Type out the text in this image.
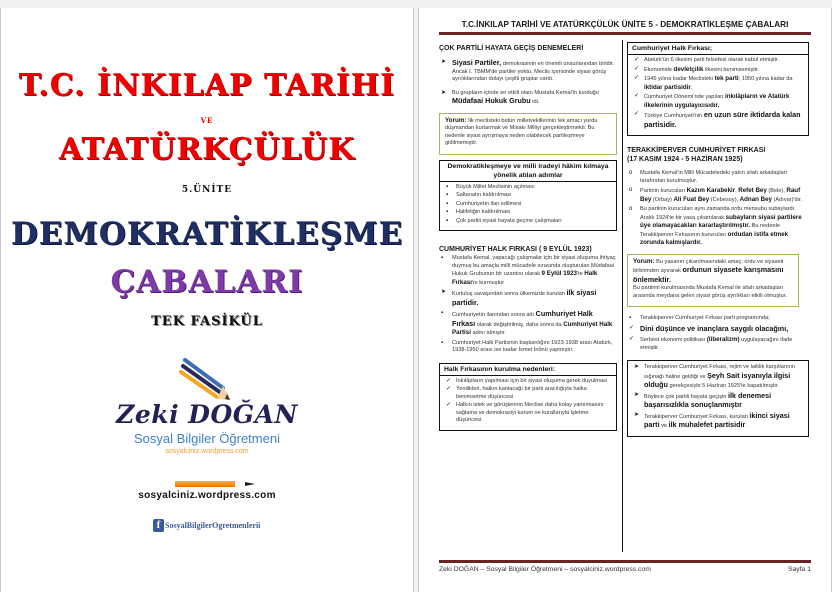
T.C. İNKILAP TARİHİ
VE
ATATÜRKÇÜLÜK
5.ÜNİTE
DEMOKRATİKLEŞME
ÇABALARI
TEK FASİKÜL
Zeki DOĞAN
Sosyal Bilgiler Öğretmeni
sosyalciniz.wordpress.com
sosyalciniz.wordpress.com
f SosyalBilgilerOgretmenlerii
T.C.İNKILAP TARİHİ VE ATATÜRKÇÜLÜK ÜNİTE 5 - DEMOKRATİKLEŞME ÇABALARI
ÇOK PARTİLİ HAYATA GEÇİŞ DENEMELERİ
➤ Siyasi Partiler, demokrasinin en önemli unsurlarından biridir. Ancak I. TBMM'de partiler yoktu. Meclis içerisinde siyasi görüş ayrılıklarından dolayı çeşitli gruplar vardı.
➤ Bu grupların içinde en etkili olanı Mustafa Kemal'in kurduğu Müdafaai Hukuk Grubu idi.
Yorum: İlk meclisteki bütün milletvekillerinin tek amacı yurdu düşmandan kurtarmak ve Misakı Milliyi gerçekleştirmekti. Bu nedenle siyasi ayrışmaya neden olabilecek partileşmeye gidilmemiştir.
Demokratikleşmeye ve milli iradeyi hâkim kılmaya yönelik atılan adımlar
▪ Büyük Millet Meclisinin açılması
▪ Saltanatın kaldırılması
▪ Cumhuriyetin ilan edilmesi
▪ Halifeliğin kaldırılması
▪ Çok partili siyasi hayata geçme çalışmaları
CUMHURİYET HALK FIRKASI ( 9 EYLÜL 1923)
▪ Mustafa Kemal, yapacağı çalışmalar için bir siyasi oluşuma ihtiyaç duymuş bu amaçla milli mücadele sırasında oluşturulan Müdafaai Hukuk Grubunun bir uzantısı olarak 9 Eylül 1923'te Halk Fırkası'nı kurmuştur
➤ Kurtuluş savaşından sonra ülkemizde kurulan ilk siyasi partidir.
▪ Cumhuriyetin ilanından sonra adı Cumhuriyet Halk Fırkası olarak değiştirilmiş, daha sonra da Cumhuriyet Halk Partisi adını almıştır.
▪ Cumhuriyet Halk Partisinin başkanlığını 1923-1938 arası Atatürk, 1938-1950 arası ise kadar İsmet İnönü yapmıştır.
Halk Fırkasının kurulma nedenleri:
✓ İnkılâpların yapılması için bir siyasi oluşuma gerek duyulması
✓ Yenilikleri, halkın katılacağı bir parti aracılığıyla halka benimsetme düşüncesi
✓ Halkın istek ve görüşlerinin Meclise daha kolay yansımasını sağlama ve demokrasiyi kurum ve kurallarıyla işletme düşüncesi.
Cumhuriyet Halk Fırkası;
✓ Atatürk'ün 6 ilkesini parti felsefesi olarak kabul etmiştir.
✓ Ekonomide devletçilik ilkesini benimsemiştir.
✓ 1945 yılına kadar Meclisteki tek parti; 1950 yılına kadar da iktidar partisidir.
✓ Cumhuriyet Dönemi'nde yapılan inkılâpların ve Atatürk ilkelerinin uygulayıcısıdır.
✓ Türkiye Cumhuriyeti'nin en uzun süre iktidarda kalan partisidir.
TERAKKİPERVER CUMHURİYET FIRKASI
(17 KASIM 1924 - 5 HAZİRAN 1925)
o Mustafa Kemal'in Milli Mücadeledeki yakın silah arkadaşları tarafından kurulmuştur.
o Partinin kurucuları Kazım Karabekir, Refet Bey (Bele), Rauf Bey (Orbay) Ali Fuat Bey (Cebesoy), Adnan Bey (Adıvar)'dır.
o Bu partinin kurucuları aynı zamanda ordu mensubu subaylardı. Aralık 1924'te bir yasa çıkartılarak subayların siyasi partilere üye olamayacakları kararlaştırılmıştır. Bu nedenle Terakkiperver Fırkasının kurucuları ordudan istifa etmek zorunda kalmışlardır.
Yorum: Bu yasanın çıkarılmasındaki amaç; ordu ve siyaseti birbirinden ayırarak ordunun siyasete karışmasını önlemektir.
Bu partinin kurulmasında Mustafa Kemal ile silah arkadaşları arasında meydana gelen siyasi görüş ayrılıkları etkili olmuştur.
▪ Terakkiperver Cumhuriyet Fırkası parti programında;
✓ Dini düşünce ve inançlara saygılı olacağını,
✓ Serbest ekonomi politikası (liberalizm) uygulayacağını ifade etmiştir.
➤ Terakkiperver Cumhuriyet Fırkası, rejim ve laiklik karşıtlarının sığınağı haline geldiği ve Şeyh Sait isyanıyla ilgisi olduğu gerekçesiyle 5 Haziran 1925'te kapatılmıştır.
➤ Böylece çok partili hayata geçişin ilk denemesi başarısızlıkla sonuçlanmıştır.
➤ Terakkiperver Cumhuriyet Fırkası, kurulan ikinci siyasi parti ve ilk muhalefet partisidir.
Zeki DOĞAN – Sosyal Bilgiler Öğretmeni – sosyalciniz.wordpress.com	Sayfa 1
